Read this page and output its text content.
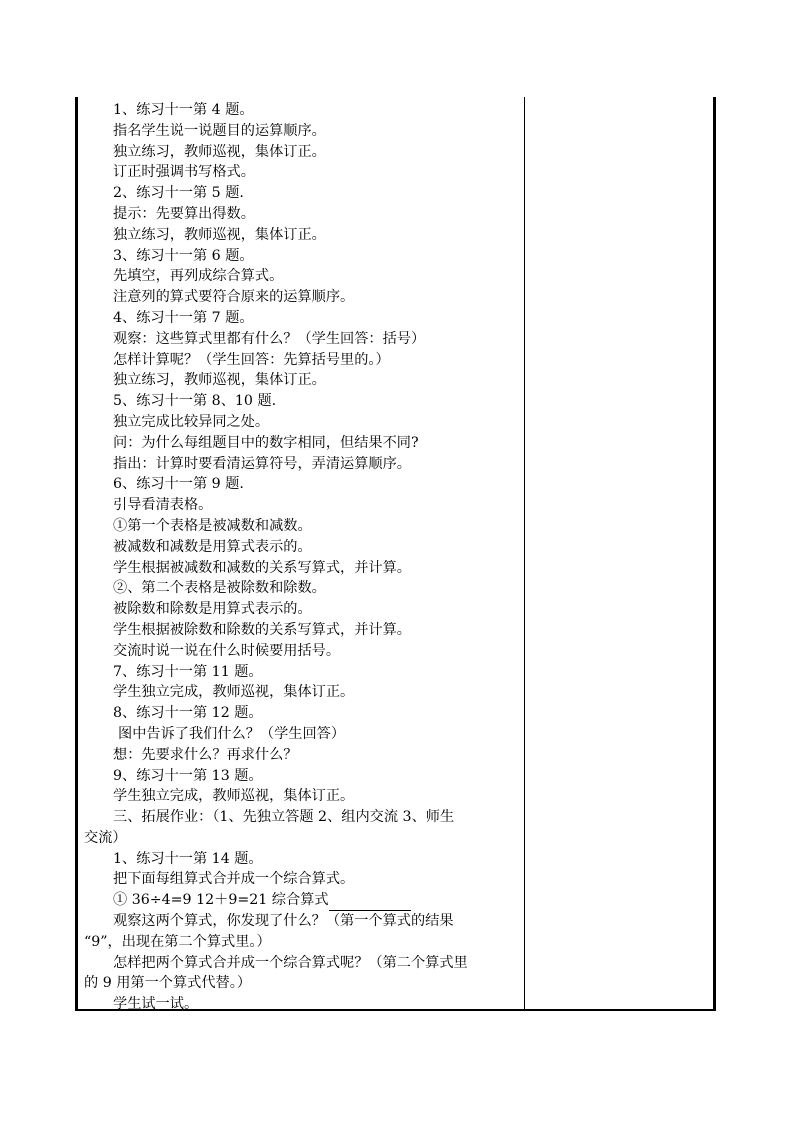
1、练习十一第 4 题。
指名学生说一说题目的运算顺序。
独立练习，教师巡视，集体订正。
订正时强调书写格式。
2、练习十一第 5 题.
提示：先要算出得数。
独立练习，教师巡视，集体订正。
3、练习十一第 6 题。
先填空，再列成综合算式。
注意列的算式要符合原来的运算顺序。
4、练习十一第 7 题。
观察：这些算式里都有什么？（学生回答：括号）
怎样计算呢？（学生回答：先算括号里的。）
独立练习，教师巡视，集体订正。
5、练习十一第 8、10 题.
独立完成比较异同之处。
问：为什么每组题目中的数字相同，但结果不同?
指出：计算时要看清运算符号，弄清运算顺序。
6、练习十一第 9 题.
引导看清表格。
①第一个表格是被减数和减数。
被减数和减数是用算式表示的。
学生根据被减数和减数的关系写算式，并计算。
②、第二个表格是被除数和除数。
被除数和除数是用算式表示的。
学生根据被除数和除数的关系写算式，并计算。
交流时说一说在什么时候要用括号。
7、练习十一第 11 题。
学生独立完成，教师巡视，集体订正。
8、练习十一第 12 题。
图中告诉了我们什么？（学生回答）
想：先要求什么？再求什么？
9、练习十一第 13 题。
学生独立完成，教师巡视，集体订正。
三、拓展作业：（1、先独立答题 2、组内交流 3、师生
交流）
1、练习十一第 14 题。
把下面每组算式合并成一个综合算式。
① 36÷4=9 12＋9=21 综合算式
观察这两个算式，你发现了什么？（第一个算式的结果
“9”，出现在第二个算式里。）
怎样把两个算式合并成一个综合算式呢？（第二个算式里
的 9 用第一个算式代替。）
学生试一试。
